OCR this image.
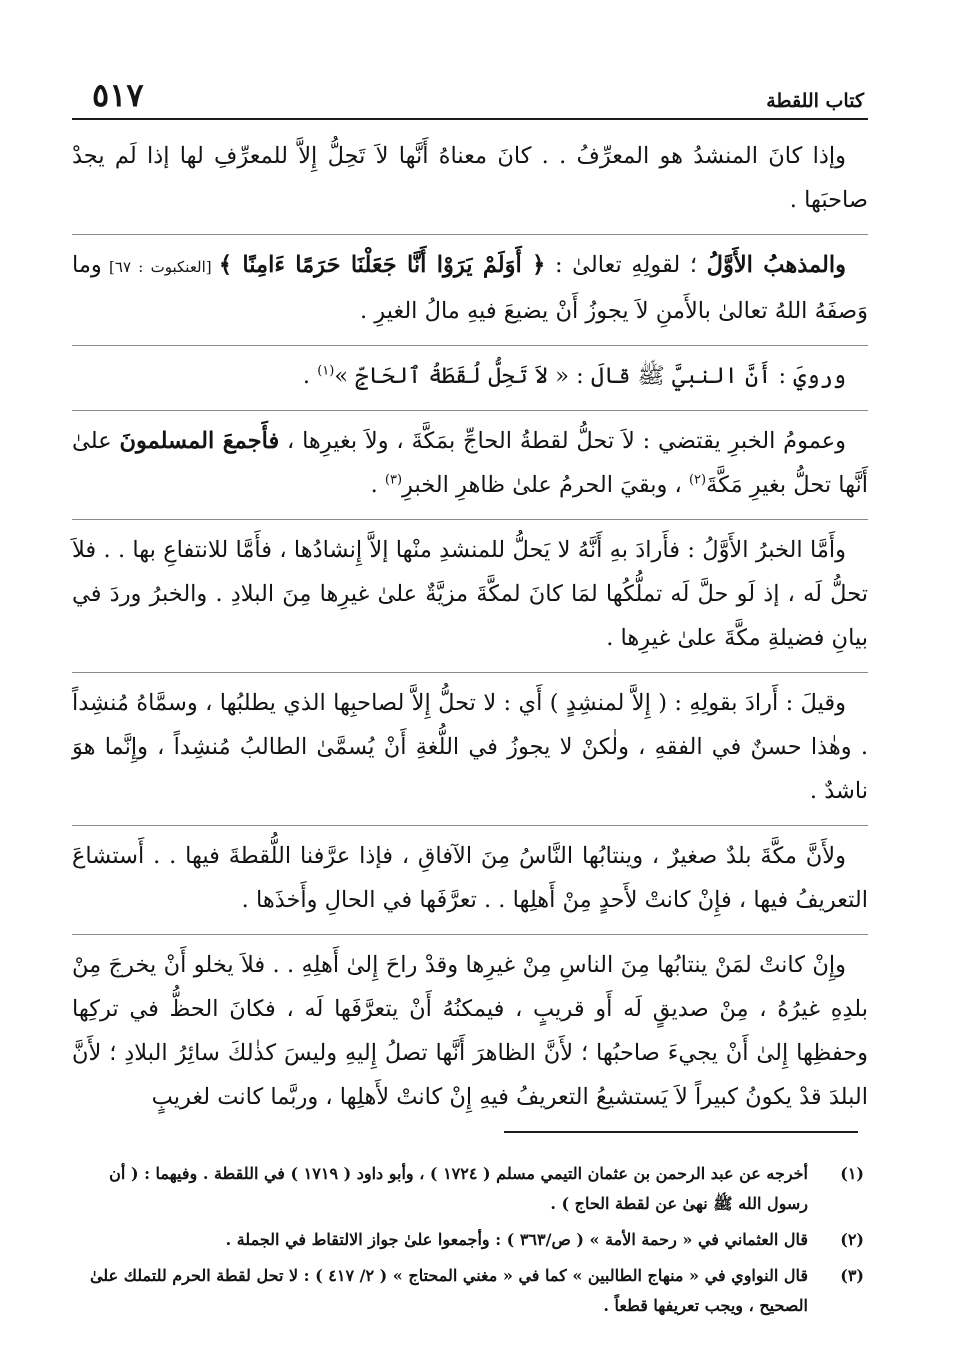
كتاب اللقطة
٥١٧

وإذا كانَ المنشدُ هو المعرِّفُ . . كانَ معناهُ أَنَّها لاَ تَحِلُّ إِلاَّ للمعرِّفِ لها إذا لَم يجدْ صاحبَها .

والمذهبُ الأَوَّلُ ؛ لقولِهِ تعالىٰ : ﴿ أَوَلَمْ يَرَوْا أَنَّا جَعَلْنَا حَرَمًا ءَامِنًا ﴾ [العنكبوت : ٦٧] وما وَصفَهُ اللهُ تعالىٰ بالأَمنِ لاَ يجوزُ أَنْ يضيعَ فيهِ مالُ الغيرِ .

ورويَ : أَنَّ النبيَّ ﷺ قالَ : « لاَ تَحِلُّ لُقَطَةُ ٱلحَاجِّ »$^{(١)}$ .

وعمومُ الخبرِ يقتضي : لاَ تحلُّ لقطةُ الحاجِّ بمَكَّةَ ، ولاَ بغيرِها ، فأَجمعَ المسلمونَ علىٰ أَنَّها تحلُّ بغيرِ مَكَّةَ$^{(٢)}$ ، وبقيَ الحرمُ علىٰ ظاهرِ الخبرِ$^{(٣)}$ .

وأَمَّا الخبرُ الأَوَّلُ : فأَرادَ بهِ أَنَّهُ لا يَحلُّ للمنشدِ منْها إلاَّ إِنشادُها ، فأَمَّا للانتفاعِ بها . . فلاَ تحلُّ لَه ، إذ لَو حلَّ لَه تملُّكُها لمَا كانَ لمكَّةَ مزيَّةٌ علىٰ غيرِها مِنَ البلادِ . والخبرُ وردَ في بيانِ فضيلةِ مكَّةَ علىٰ غيرِها .

وقيلَ : أَرادَ بقولِهِ : ( إِلاَّ لمنشِدٍ ) أَي : لا تحلُّ إِلاَّ لصاحبِها الذي يطلبُها ، وسمَّاهُ مُنشِداً . وهٰذا حسنٌ في الفقهِ ، ولٰكنْ لا يجوزُ في اللُّغةِ أَنْ يُسمَّىٰ الطالبُ مُنشِداً ، وإِنَّما هوَ ناشدٌ .

ولأَنَّ مكَّةَ بلدٌ صغيرٌ ، وينتابُها النَّاسُ مِنَ الآفاقِ ، فإذا عرَّفنا اللُّقطةَ فيها . . أَستشاعَ التعريفُ فيها ، فإِنْ كانتْ لأَحدٍ مِنْ أَهلِها . . تعرَّفَها في الحالِ وأَخذَها .

وإِنْ كانتْ لمَنْ ينتابُها مِنَ الناسِ مِنْ غيرِها وقدْ راحَ إِلىٰ أَهلِهِ . . فلاَ يخلو أَنْ يخرجَ مِنْ بلدِهِ غيرُهُ ، مِنْ صديقٍ لَه أَو قريبٍ ، فيمكنُهُ أَنْ يتعرَّفَها لَه ، فكانَ الحظُّ في تركِها وحفظِها إِلىٰ أَنْ يجيءَ صاحبُها ؛ لأَنَّ الظاهرَ أَنَّها تصلُ إِليهِ وليسَ كذٰلكَ سائِرُ البلادِ ؛ لأَنَّ البلدَ قدْ يكونُ كبيراً لاَ يَستشيعُ التعريفُ فيهِ إِنْ كانتْ لأَهلِها ، وربَّما كانت لغريبٍ

(١)
أخرجه عن عبد الرحمن بن عثمان التيمي مسلم ( ١٧٢٤ ) ، وأبو داود ( ١٧١٩ ) في اللقطة . وفيهما : ( أن رسول الله ﷺ نهىٰ عن لقطة الحاج ) .
(٢)
قال العثماني في « رحمة الأمة » ( ص/٣٦٣ ) : وأجمعوا علىٰ جواز الالتقاط في الجملة .
(٣)
قال النواوي في « منهاج الطالبين » كما في « مغني المحتاج » ( ٢/ ٤١٧ ) : لا تحل لقطة الحرم للتملك علىٰ الصحيح ، ويجب تعريفها قطعاً .
